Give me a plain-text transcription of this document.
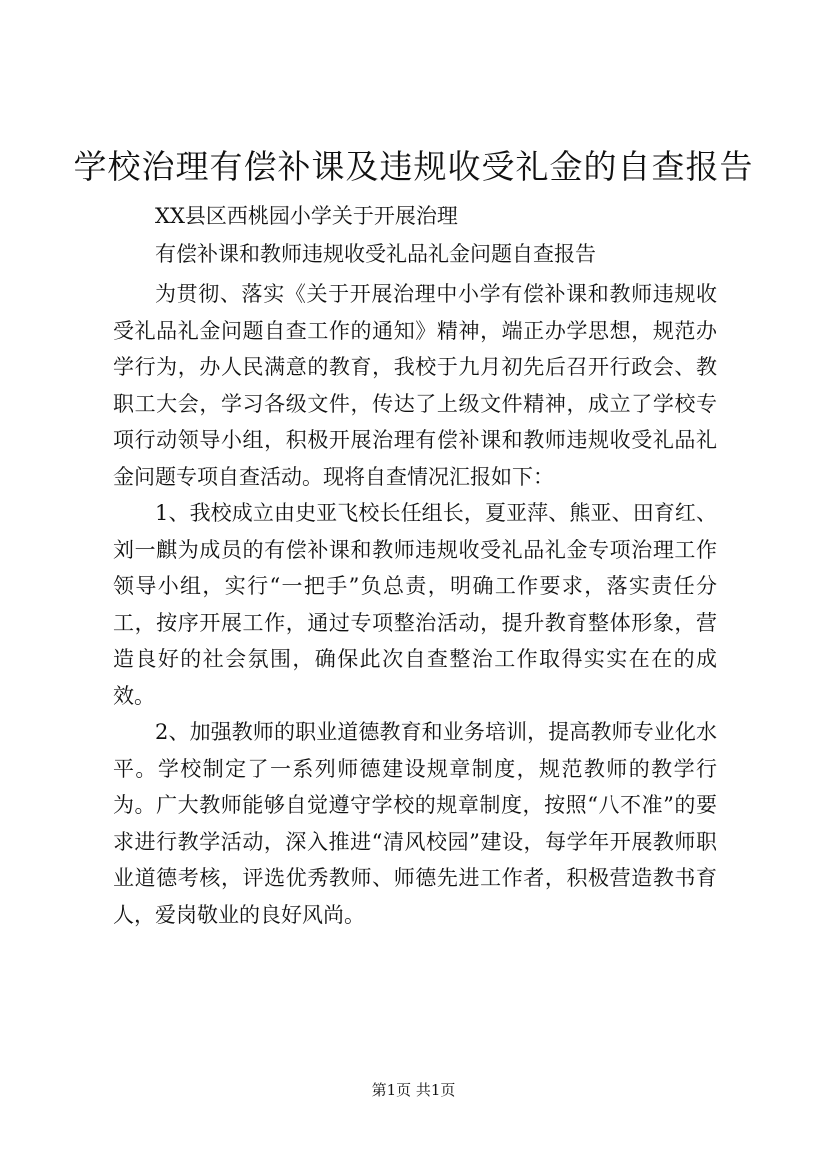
学校治理有偿补课及违规收受礼金的自查报告
XX县区西桃园小学关于开展治理
有偿补课和教师违规收受礼品礼金问题自查报告

为贯彻、落实《关于开展治理中小学有偿补课和教师违规收受礼品礼金问题自查工作的通知》精神，端正办学思想，规范办学行为，办人民满意的教育，我校于九月初先后召开行政会、教职工大会，学习各级文件，传达了上级文件精神，成立了学校专项行动领导小组，积极开展治理有偿补课和教师违规收受礼品礼金问题专项自查活动。现将自查情况汇报如下：

1、我校成立由史亚飞校长任组长，夏亚萍、熊亚、田育红、刘一麒为成员的有偿补课和教师违规收受礼品礼金专项治理工作领导小组，实行“一把手”负总责，明确工作要求，落实责任分工，按序开展工作，通过专项整治活动，提升教育整体形象，营造良好的社会氛围，确保此次自查整治工作取得实实在在的成效。

2、加强教师的职业道德教育和业务培训，提高教师专业化水平。学校制定了一系列师德建设规章制度，规范教师的教学行为。广大教师能够自觉遵守学校的规章制度，按照“八不准”的要求进行教学活动，深入推进“清风校园”建设，每学年开展教师职业道德考核，评选优秀教师、师德先进工作者，积极营造教书育人，爱岗敬业的良好风尚。

第1页 共1页
